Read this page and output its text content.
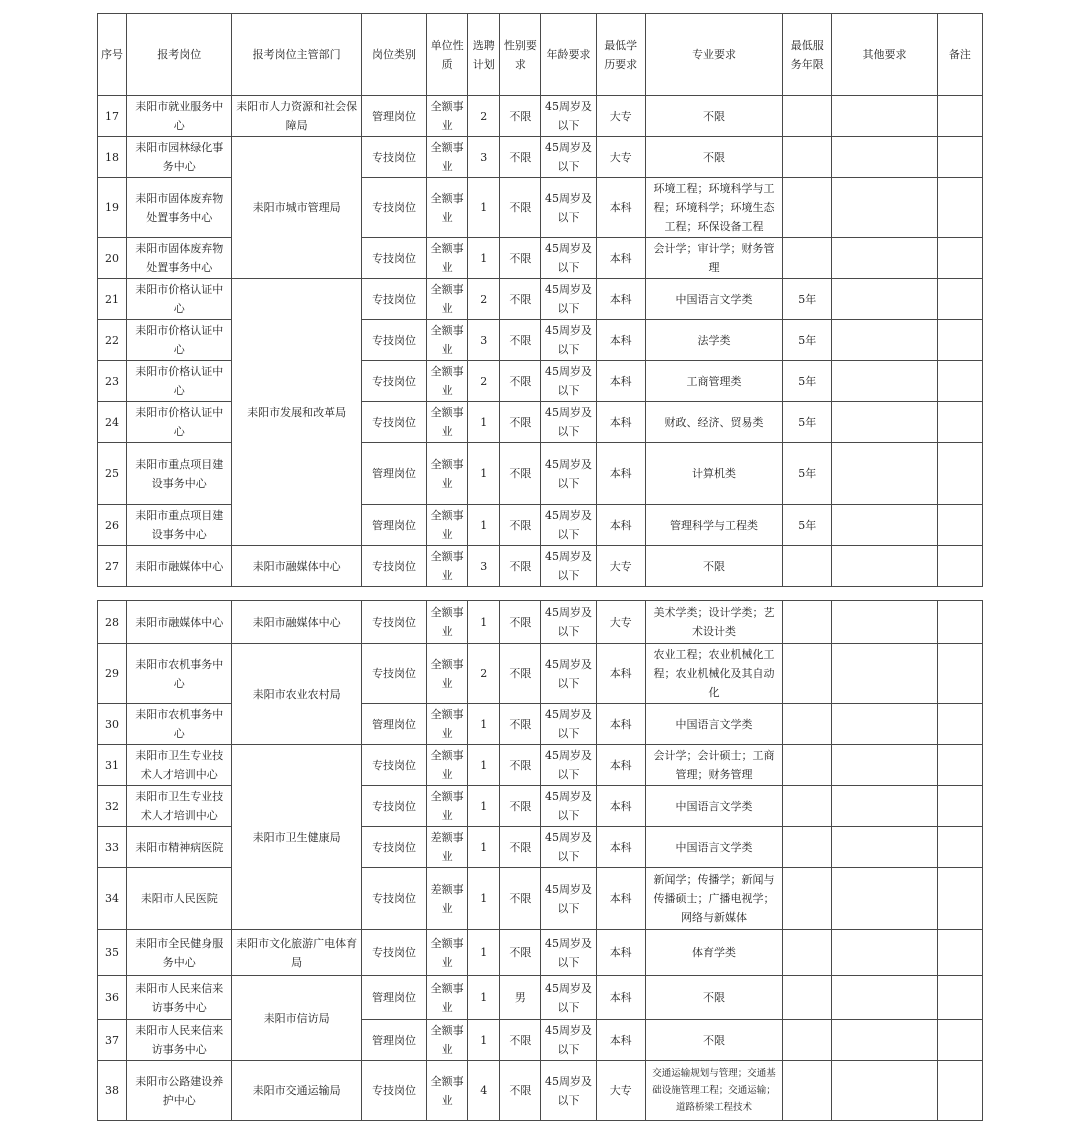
序号	报考岗位	报考岗位主管部门	岗位类别	单位性质	选聘计划	性别要求	年龄要求	最低学历要求	专业要求	最低服务年限	其他要求	备注
17	耒阳市就业服务中心	耒阳市人力资源和社会保障局	管理岗位	全额事业	2	不限	45周岁及以下	大专	不限			
18	耒阳市园林绿化事务中心	耒阳市城市管理局	专技岗位	全额事业	3	不限	45周岁及以下	大专	不限			
19	耒阳市固体废弃物处置事务中心		专技岗位	全额事业	1	不限	45周岁及以下	本科	环境工程；环境科学与工程；环境科学；环境生态工程；环保设备工程			
20	耒阳市固体废弃物处置事务中心		专技岗位	全额事业	1	不限	45周岁及以下	本科	会计学；审计学；财务管理			
21	耒阳市价格认证中心	耒阳市发展和改革局	专技岗位	全额事业	2	不限	45周岁及以下	本科	中国语言文学类	5年		
22	耒阳市价格认证中心		专技岗位	全额事业	3	不限	45周岁及以下	本科	法学类	5年		
23	耒阳市价格认证中心		专技岗位	全额事业	2	不限	45周岁及以下	本科	工商管理类	5年		
24	耒阳市价格认证中心		专技岗位	全额事业	1	不限	45周岁及以下	本科	财政、经济、贸易类	5年		
25	耒阳市重点项目建设事务中心		管理岗位	全额事业	1	不限	45周岁及以下	本科	计算机类	5年		
26	耒阳市重点项目建设事务中心		管理岗位	全额事业	1	不限	45周岁及以下	本科	管理科学与工程类	5年		
27	耒阳市融媒体中心	耒阳市融媒体中心	专技岗位	全额事业	3	不限	45周岁及以下	大专	不限			
28	耒阳市融媒体中心	耒阳市融媒体中心	专技岗位	全额事业	1	不限	45周岁及以下	大专	美术学类；设计学类；艺术设计类			
29	耒阳市农机事务中心	耒阳市农业农村局	专技岗位	全额事业	2	不限	45周岁及以下	本科	农业工程；农业机械化工程；农业机械化及其自动化			
30	耒阳市农机事务中心		管理岗位	全额事业	1	不限	45周岁及以下	本科	中国语言文学类			
31	耒阳市卫生专业技术人才培训中心	耒阳市卫生健康局	专技岗位	全额事业	1	不限	45周岁及以下	本科	会计学；会计硕士；工商管理；财务管理			
32	耒阳市卫生专业技术人才培训中心		专技岗位	全额事业	1	不限	45周岁及以下	本科	中国语言文学类			
33	耒阳市精神病医院		专技岗位	差额事业	1	不限	45周岁及以下	本科	中国语言文学类			
34	耒阳市人民医院		专技岗位	差额事业	1	不限	45周岁及以下	本科	新闻学；传播学；新闻与传播硕士；广播电视学；网络与新媒体			
35	耒阳市全民健身服务中心	耒阳市文化旅游广电体育局	专技岗位	全额事业	1	不限	45周岁及以下	本科	体育学类			
36	耒阳市人民来信来访事务中心	耒阳市信访局	管理岗位	全额事业	1	男	45周岁及以下	本科	不限			
37	耒阳市人民来信来访事务中心		管理岗位	全额事业	1	不限	45周岁及以下	本科	不限			
38	耒阳市公路建设养护中心	耒阳市交通运输局	专技岗位	全额事业	4	不限	45周岁及以下	大专	交通运输规划与管理；交通基础设施管理工程；交通运输；道路桥梁工程技术			
